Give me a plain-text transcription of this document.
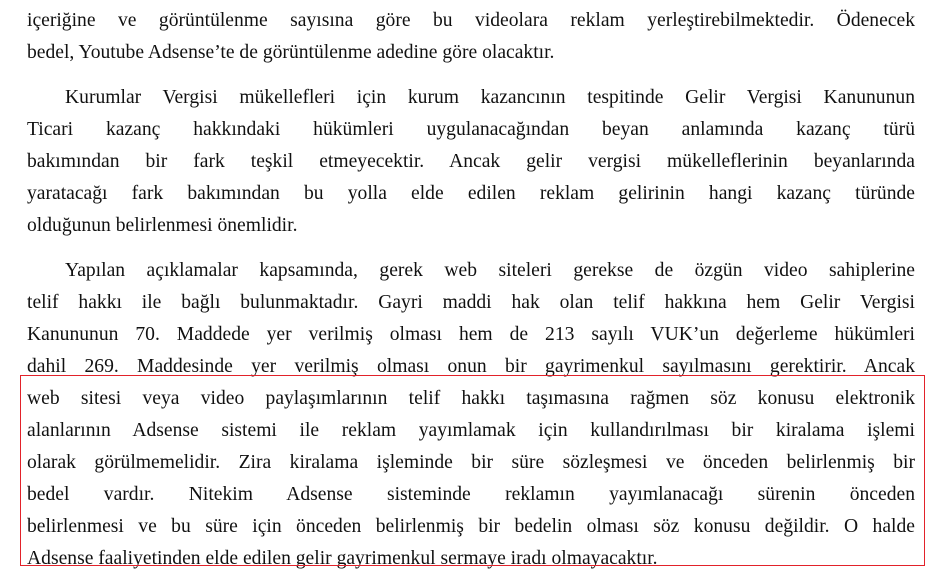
içeriğine ve görüntülenme sayısına göre bu videolara reklam yerleştirebilmektedir. Ödenecek
bedel, Youtube Adsense’te de görüntülenme adedine göre olacaktır.
Kurumlar Vergisi mükellefleri için kurum kazancının tespitinde Gelir Vergisi Kanununun
Ticari kazanç hakkındaki hükümleri uygulanacağından beyan anlamında kazanç türü
bakımından bir fark teşkil etmeyecektir. Ancak gelir vergisi mükelleflerinin beyanlarında
yaratacağı fark bakımından bu yolla elde edilen reklam gelirinin hangi kazanç türünde
olduğunun belirlenmesi önemlidir.
Yapılan açıklamalar kapsamında, gerek web siteleri gerekse de özgün video sahiplerine
telif hakkı ile bağlı bulunmaktadır. Gayri maddi hak olan telif hakkına hem Gelir Vergisi
Kanununun 70. Maddede yer verilmiş olması hem de 213 sayılı VUK’un değerleme hükümleri
dahil 269. Maddesinde yer verilmiş olması onun bir gayrimenkul sayılmasını gerektirir. Ancak
web sitesi veya video paylaşımlarının telif hakkı taşımasına rağmen söz konusu elektronik
alanlarının Adsense sistemi ile reklam yayımlamak için kullandırılması bir kiralama işlemi
olarak görülmemelidir. Zira kiralama işleminde bir süre sözleşmesi ve önceden belirlenmiş bir
bedel vardır. Nitekim Adsense sisteminde reklamın yayımlanacağı sürenin önceden
belirlenmesi ve bu süre için önceden belirlenmiş bir bedelin olması söz konusu değildir. O halde
Adsense faaliyetinden elde edilen gelir gayrimenkul sermaye iradı olmayacaktır.
